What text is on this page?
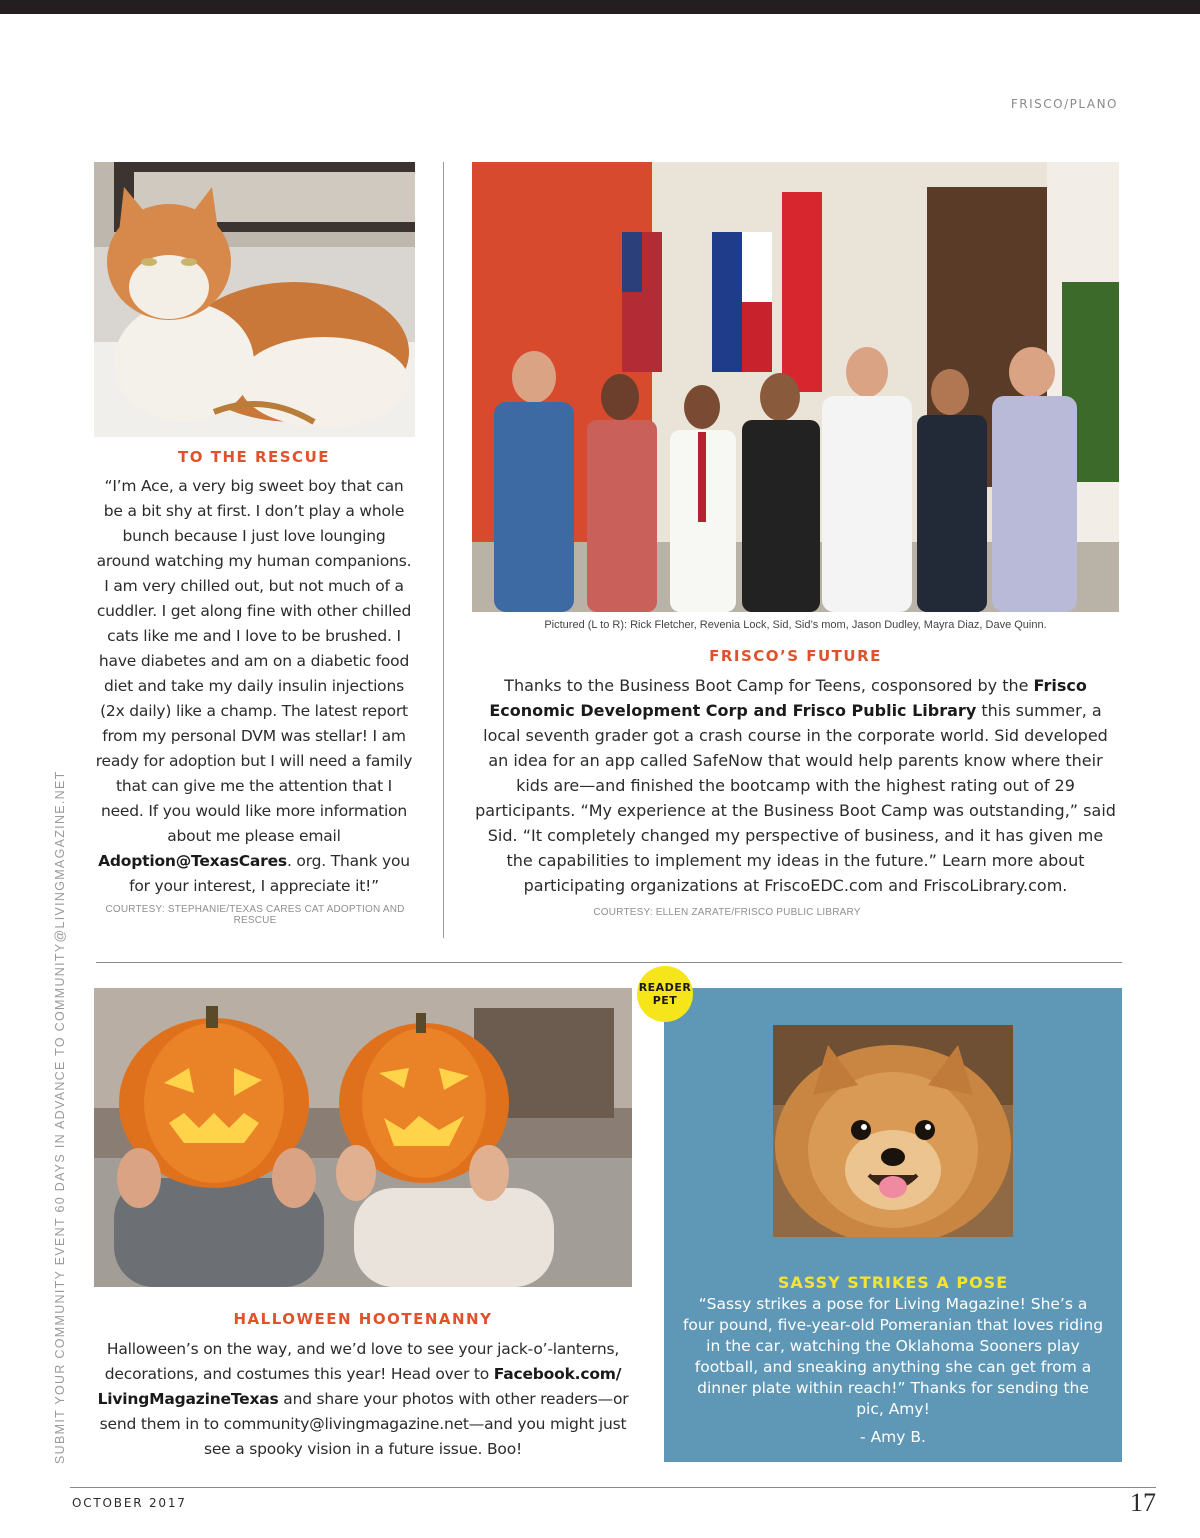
FRISCO/PLANO
TO THE RESCUE
“I’m Ace, a very big sweet boy that can be a bit shy at first. I don’t play a whole bunch because I just love lounging around watching my human companions. I am very chilled out, but not much of a cuddler. I get along fine with other chilled cats like me and I love to be brushed. I have diabetes and am on a diabetic food diet and take my daily insulin injections (2x daily) like a champ. The latest report from my personal DVM was stellar! I am ready for adoption but I will need a family that can give me the attention that I need. If you would like more information about me please email Adoption@TexasCares. org. Thank you for your interest, I appreciate it!”
COURTESY: STEPHANIE/TEXAS CARES CAT ADOPTION AND RESCUE
Pictured (L to R): Rick Fletcher, Revenia Lock, Sid, Sid’s mom, Jason Dudley, Mayra Diaz, Dave Quinn.
FRISCO’S FUTURE
Thanks to the Business Boot Camp for Teens, cosponsored by the Frisco Economic Development Corp and Frisco Public Library this summer, a local seventh grader got a crash course in the corporate world. Sid developed an idea for an app called SafeNow that would help parents know where their kids are—and finished the bootcamp with the highest rating out of 29 participants. “My experience at the Business Boot Camp was outstanding,” said Sid. “It completely changed my perspective of business, and it has given me the capabilities to implement my ideas in the future.” Learn more about participating organizations at FriscoEDC.com and FriscoLibrary.com.
COURTESY: ELLEN ZARATE/FRISCO PUBLIC LIBRARY
HALLOWEEN HOOTENANNY
Halloween’s on the way, and we’d love to see your jack-o’-lanterns, decorations, and costumes this year! Head over to Facebook.com/ LivingMagazineTexas and share your photos with other readers—or send them in to community@livingmagazine.net—and you might just see a spooky vision in a future issue. Boo!
SASSY STRIKES A POSE
“Sassy strikes a pose for Living Magazine! She’s a four pound, five-year-old Pomeranian that loves riding in the car, watching the Oklahoma Sooners play football, and sneaking anything she can get from a dinner plate within reach!” Thanks for sending the pic, Amy!
- Amy B.
READER
PET
SUBMIT YOUR COMMUNITY EVENT 60 DAYS IN ADVANCE TO COMMUNITY@LIVINGMAGAZINE.NET
OCTOBER 2017	17
